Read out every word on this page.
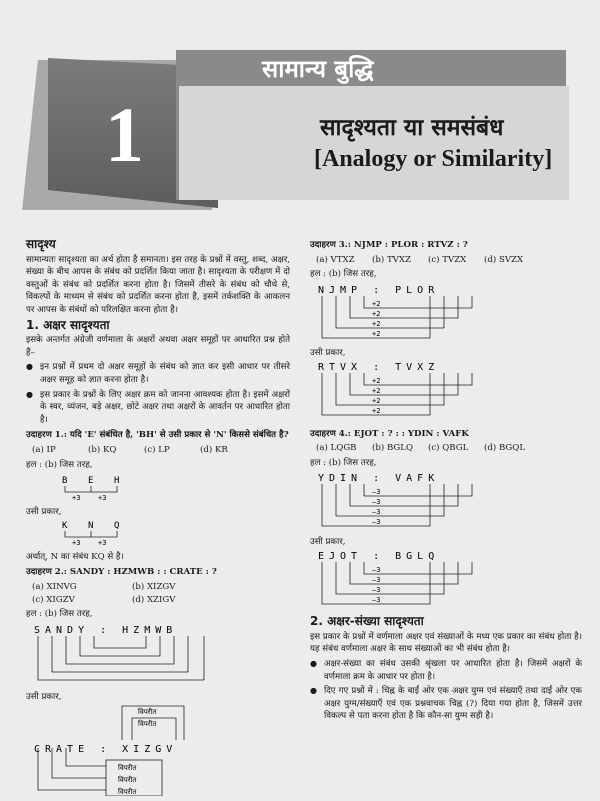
1
सामान्य बुद्धि
सादृश्यता या समसंबंध
[Analogy or Similarity]
सादृश्य

सामान्यतः सादृश्यता का अर्थ होता है समानता। इस तरह के प्रश्नों में वस्तु, शब्द, अक्षर, संख्या के बीच आपस के संबंध को प्रदर्शित किया जाता है। सादृश्यता के परीक्षण में दो वस्तुओं के संबंध को प्रदर्शित करना होता है। जिसमें तीसरे के संबंध को चौथे से, विकल्पों के माध्यम से संबंध को प्रदर्शित करना होता है, इसमें तर्कशक्ति के आकलन पर आपस के संबंधों को परिलक्षित करना होता है।

1. अक्षर सादृश्यता

इसके अन्तर्गत अंग्रेजी वर्णमाला के अक्षरों अथवा अक्षर समूहों पर आधारित प्रश्न होते हैं–

● इन प्रश्नों में प्रथम दो अक्षर समूहों के संबंध को ज्ञात कर इसी आधार पर तीसरे अक्षर समूह को ज्ञात करना होता है।
● इस प्रकार के प्रश्नों के लिए अक्षर क्रम को जानना आवश्यक होता है। इसमें अक्षरों के स्वर, व्यंजन, बड़े अक्षर, छोटे अक्षर तथा अक्षरों के आवर्तन पर आधारित होता है।
उदाहरण 1.: यदि 'E' संबंधित है, 'BH' से उसी प्रकार से 'N' किससे संबंधित है?
(a) IP	(b) KQ	(c) LP	(d) KR
हल : (b) जिस तरह,
B E H
+3	+3
उसी प्रकार,
K N Q
+3	+3
अर्थात्, N का संबंध KQ से है।
उदाहरण 2.: SANDY : HZMWB : : CRATE : ?
(a) XINVG	(b) XIZGV
(c) XIGZV	(d) XZIGV
हल : (b) जिस तरह,
SANDY : HZMWB
उसी प्रकार,
विपरीत
विपरीत
CRATE : XIZGV
विपरीत
विपरीत
विपरीत
उदाहरण 3.: NJMP : PLOR : RTVZ : ?
(a) VTXZ	(b) TVXZ	(c) TVZX	(d) SVZX
हल : (b) जिस तरह,
NJMP : PLOR
+2
+2
+2
+2
उसी प्रकार,
RTVX : TVXZ
+2
+2
+2
+2
उदाहरण 4.: EJOT : ? : : YDIN : VAFK
(a) LQGB	(b) BGLQ	(c) QBGL	(d) BGQL
हल : (b) जिस तरह,
YDIN : VAFK
–3
–3
–3
–3
उसी प्रकार,
EJOT : BGLQ
–3
–3
–3
–3
2. अक्षर-संख्या सादृश्यता

इस प्रकार के प्रश्नों में वर्णमाला अक्षर एवं संख्याओं के मध्य एक प्रकार का संबंध होता है। यह संबंध वर्णमाला अक्षर के साथ संख्याओं का भी संबंध होता है।

● अक्षर-संख्या का संबंध उसकी श्रृंखला पर आधारित होता है। जिसमें अक्षरों के वर्णमाला क्रम के आधार पर होता है।
● दिए गए प्रश्नों में : चिह्न के बाईं ओर एक अक्षर युग्म एवं संख्याएँ तथा दाईं ओर एक अक्षर युग्म/संख्याएँ एवं एक प्रश्नवाचक चिह्न (?) दिया गया होता है, जिसमें उत्तर विकल्प से पता करना होता है कि कौन-सा युग्म सही है।
